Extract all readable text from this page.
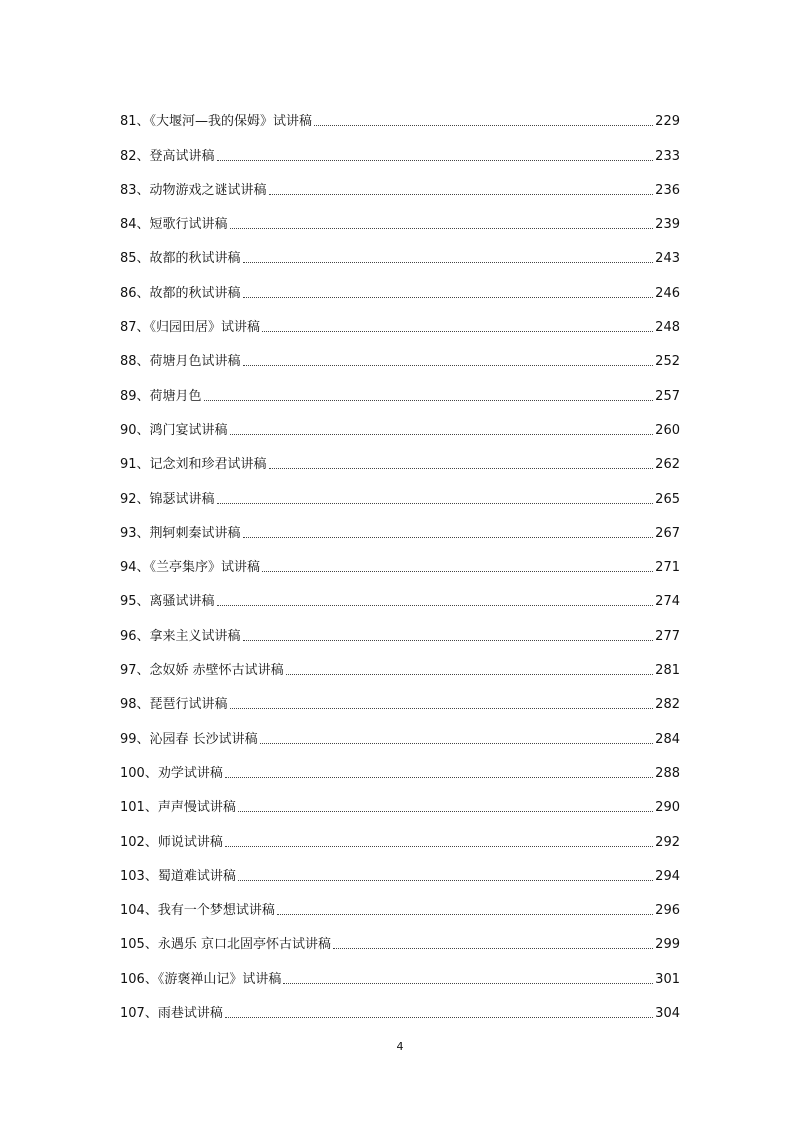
81、《大堰河—我的保姆》试讲稿	229
82、登高试讲稿	233
83、动物游戏之谜试讲稿	236
84、短歌行试讲稿	239
85、故都的秋试讲稿	243
86、故都的秋试讲稿	246
87、《归园田居》试讲稿	248
88、荷塘月色试讲稿	252
89、荷塘月色	257
90、鸿门宴试讲稿	260
91、记念刘和珍君试讲稿	262
92、锦瑟试讲稿	265
93、荆轲刺秦试讲稿	267
94、《兰亭集序》试讲稿	271
95、离骚试讲稿	274
96、拿来主义试讲稿	277
97、念奴娇 赤壁怀古试讲稿	281
98、琵琶行试讲稿	282
99、沁园春 长沙试讲稿	284
100、劝学试讲稿	288
101、声声慢试讲稿	290
102、师说试讲稿	292
103、蜀道难试讲稿	294
104、我有一个梦想试讲稿	296
105、永遇乐 京口北固亭怀古试讲稿	299
106、《游褒禅山记》试讲稿	301
107、雨巷试讲稿	304
4
